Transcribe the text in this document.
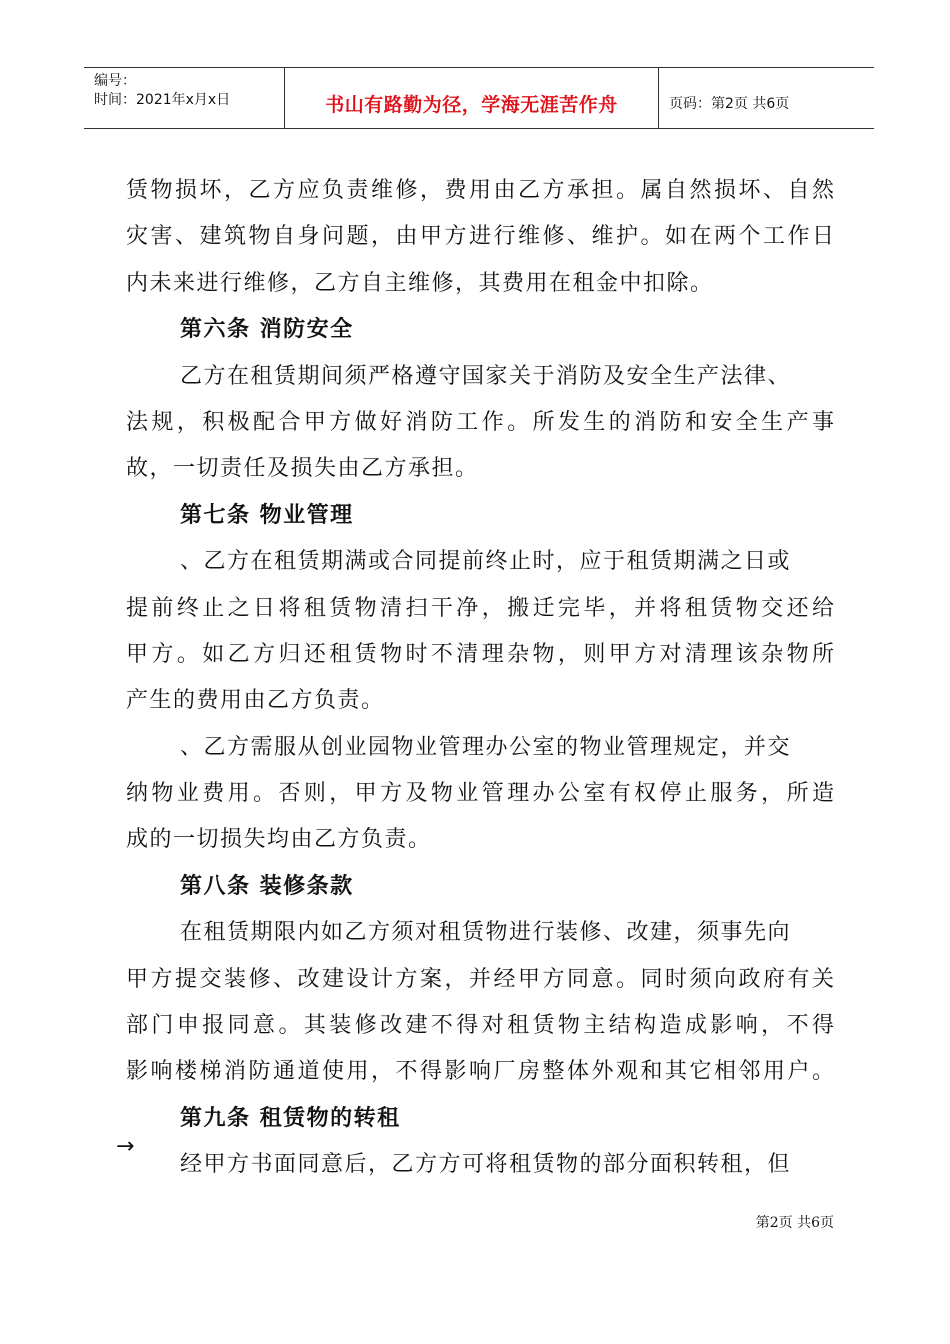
编号：
时间：2021年x月x日	书山有路勤为径，学海无涯苦作舟	页码：第2页 共6页
赁物损坏，乙方应负责维修，费用由乙方承担。属自然损坏、自然
灾害、建筑物自身问题，由甲方进行维修、维护。如在两个工作日
内未来进行维修，乙方自主维修，其费用在租金中扣除。
第六条 消防安全
乙方在租赁期间须严格遵守国家关于消防及安全生产法律、
法规，积极配合甲方做好消防工作。所发生的消防和安全生产事
故，一切责任及损失由乙方承担。
第七条 物业管理
、乙方在租赁期满或合同提前终止时，应于租赁期满之日或
提前终止之日将租赁物清扫干净，搬迁完毕，并将租赁物交还给
甲方。如乙方归还租赁物时不清理杂物，则甲方对清理该杂物所
产生的费用由乙方负责。
、乙方需服从创业园物业管理办公室的物业管理规定，并交
纳物业费用。否则，甲方及物业管理办公室有权停止服务，所造
成的一切损失均由乙方负责。
第八条 装修条款
在租赁期限内如乙方须对租赁物进行装修、改建，须事先向
甲方提交装修、改建设计方案，并经甲方同意。同时须向政府有关
部门申报同意。其装修改建不得对租赁物主结构造成影响，不得
影响楼梯消防通道使用，不得影响厂房整体外观和其它相邻用户。
第九条 租赁物的转租
经甲方书面同意后，乙方方可将租赁物的部分面积转租，但
→
第2页 共6页
